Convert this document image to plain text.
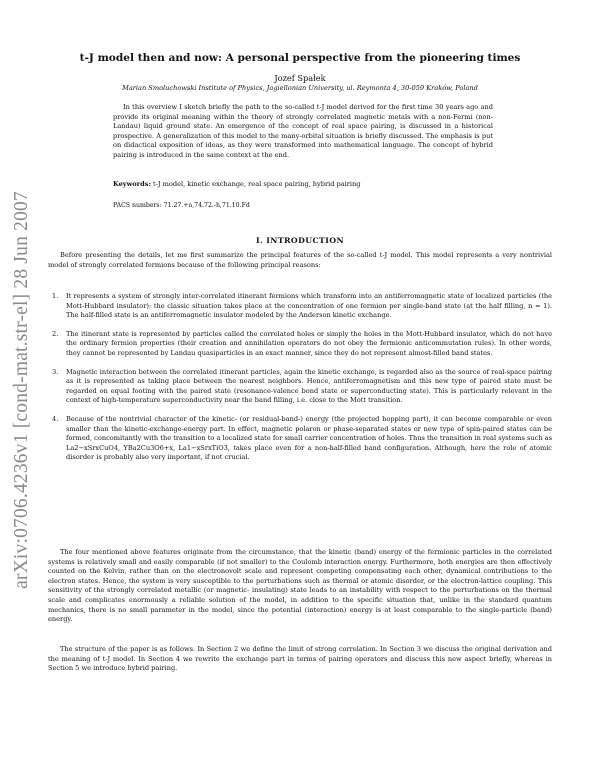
arXiv:0706.4236v1 [cond-mat.str-el] 28 Jun 2007
t-J model then and now: A personal perspective from the pioneering times
Jozef Spałek
Marian Smoluchowski Institute of Physics, Jagiellonian University, ul. Reymonta 4, 30-059 Kraków, Poland
In this overview I sketch briefly the path to the so-called t-J model derived for the first time 30 years ago and provide its original meaning within the theory of strongly correlated magnetic metals with a non-Fermi (non-Landau) liquid ground state. An emergence of the concept of real space pairing, is discussed in a historical prospective. A generalization of this model to the many-orbital situation is briefly discussed. The emphasis is put on didactical exposition of ideas, as they were transformed into mathematical language. The concept of hybrid pairing is introduced in the same context at the end.
Keywords: t-J model, kinetic exchange, real space pairing, hybrid pairing
PACS numbers: 71.27.+a,74.72.-h,71.10.Fd
I. INTRODUCTION
Before presenting the details, let me first summarize the principal features of the so-called t-J model. This model represents a very nontrivial model of strongly correlated fermions because of the following principal reasons:
1. It represents a system of strongly inter-correlated itinerant fermions which transform into an antiferromagnetic state of localized particles (the Mott-Hubbard insulator); the classic situation takes place at the concentration of one fermion per single-band state (at the half filling, n = 1). The half-filled state is an antiferromagnetic insulator modeled by the Anderson kinetic exchange.
2. The itinerant state is represented by particles called the correlated holes or simply the holes in the Mott-Hubbard insulator, which do not have the ordinary fermion properties (their creation and annihilation operators do not obey the fermionic anticommutation rules). In other words, they cannot be represented by Landau quasiparticles in an exact manner, since they do not represent almost-filled band states.
3. Magnetic interaction between the correlated itinerant particles, again the kinetic exchange, is regarded also as the source of real-space pairing as it is represented as taking place between the nearest neighbors. Hence, antiferromagnetism and this new type of paired state must be regarded on equal footing with the paired state (resonance-valence bond state or superconducting state). This is particularly relevant in the context of high-temperature superconductivity near the band filling, i.e. close to the Mott transition.
4. Because of the nontrivial character of the kinetic- (or residual-band-) energy (the projected hopping part), it can become comparable or even smaller than the kinetic-exchange-energy part. In effect, magnetic polaron or phase-separated states or new type of spin-paired states can be formed, concomitantly with the transition to a localized state for small carrier concentration of holes. Thus the transition in real systems such as La2−xSrxCuO4, YBa2Cu3O6+x, La1−xSrxTiO3, takes place even for a non-half-filled band configuration. Although, here the role of atomic disorder is probably also very important, if not crucial.
The four mentioned above features originate from the circumstance, that the kinetic (band) energy of the fermionic particles in the correlated systems is relatively small and easily comparable (if not smaller) to the Coulomb interaction energy. Furthermore, both energies are then effectively counted on the Kelvin, rather than on the electronovolt scale and represent competing compensating each other, dynamical contributions to the electron states. Hence, the system is very susceptible to the perturbations such as thermal or atomic disorder, or the electron-lattice coupling. This sensitivity of the strongly correlated metallic (or magnetic- insulating) state leads to an instability with respect to the perturbations on the thermal scale and complicates enormously a reliable solution of the model, in addition to the specific situation that, unlike in the standard quantum mechanics, there is no small parameter in the model, since the potential (interaction) energy is at least comparable to the single-particle (band) energy.
The structure of the paper is as follows. In Section 2 we define the limit of strong correlation. In Section 3 we discuss the original derivation and the meaning of t-J model. In Section 4 we rewrite the exchange part in terms of pairing operators and discuss this new aspect briefly, whereas in Section 5 we introduce hybrid pairing.
